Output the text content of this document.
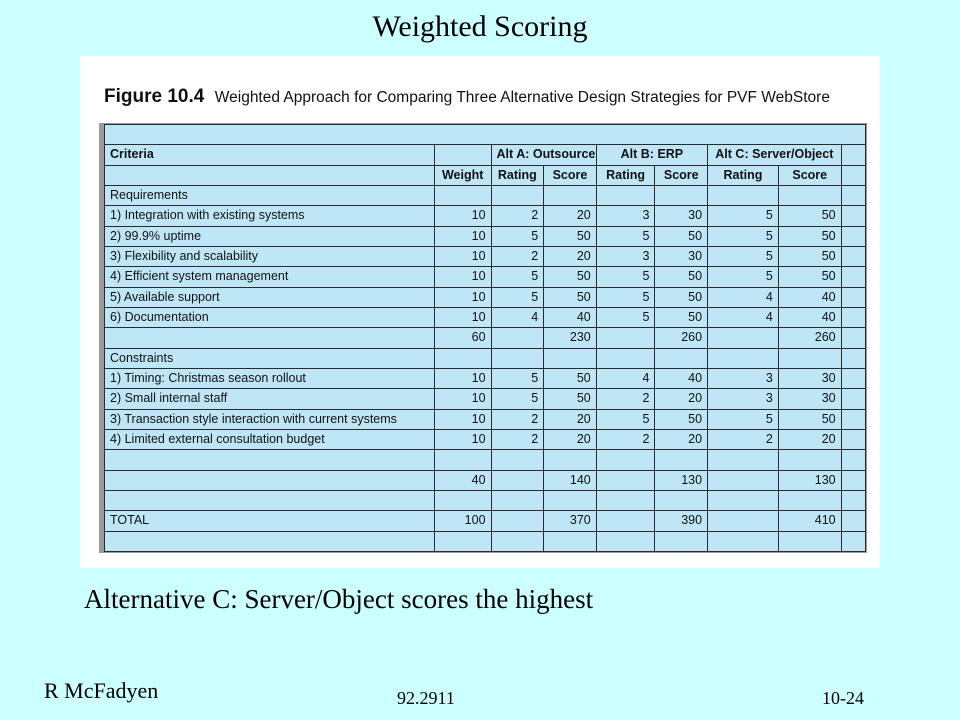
Weighted Scoring
Figure 10.4 Weighted Approach for Comparing Three Alternative Design Strategies for PVF WebStore

Criteria		Alt A: Outsource		Alt B: ERP		Alt C: Server/Object		
	Weight	Rating	Score	Rating	Score	Rating	Score	
Requirements								
1) Integration with existing systems	10	2	20	3	30	5	50	
2) 99.9% uptime	10	5	50	5	50	5	50	
3) Flexibility and scalability	10	2	20	3	30	5	50	
4) Efficient system management	10	5	50	5	50	5	50	
5) Available support	10	5	50	5	50	4	40	
6) Documentation	10	4	40	5	50	4	40	
	60		230		260		260	
Constraints								
1) Timing: Christmas season rollout	10	5	50	4	40	3	30	
2) Small internal staff	10	5	50	2	20	3	30	
3) Transaction style interaction with current systems	10	2	20	5	50	5	50	
4) Limited external consultation budget	10	2	20	2	20	2	20	

	40		140		130		130	

TOTAL	100		370		390		410	

Alternative C: Server/Object scores the highest
R McFadyen	92.2911	10-24
